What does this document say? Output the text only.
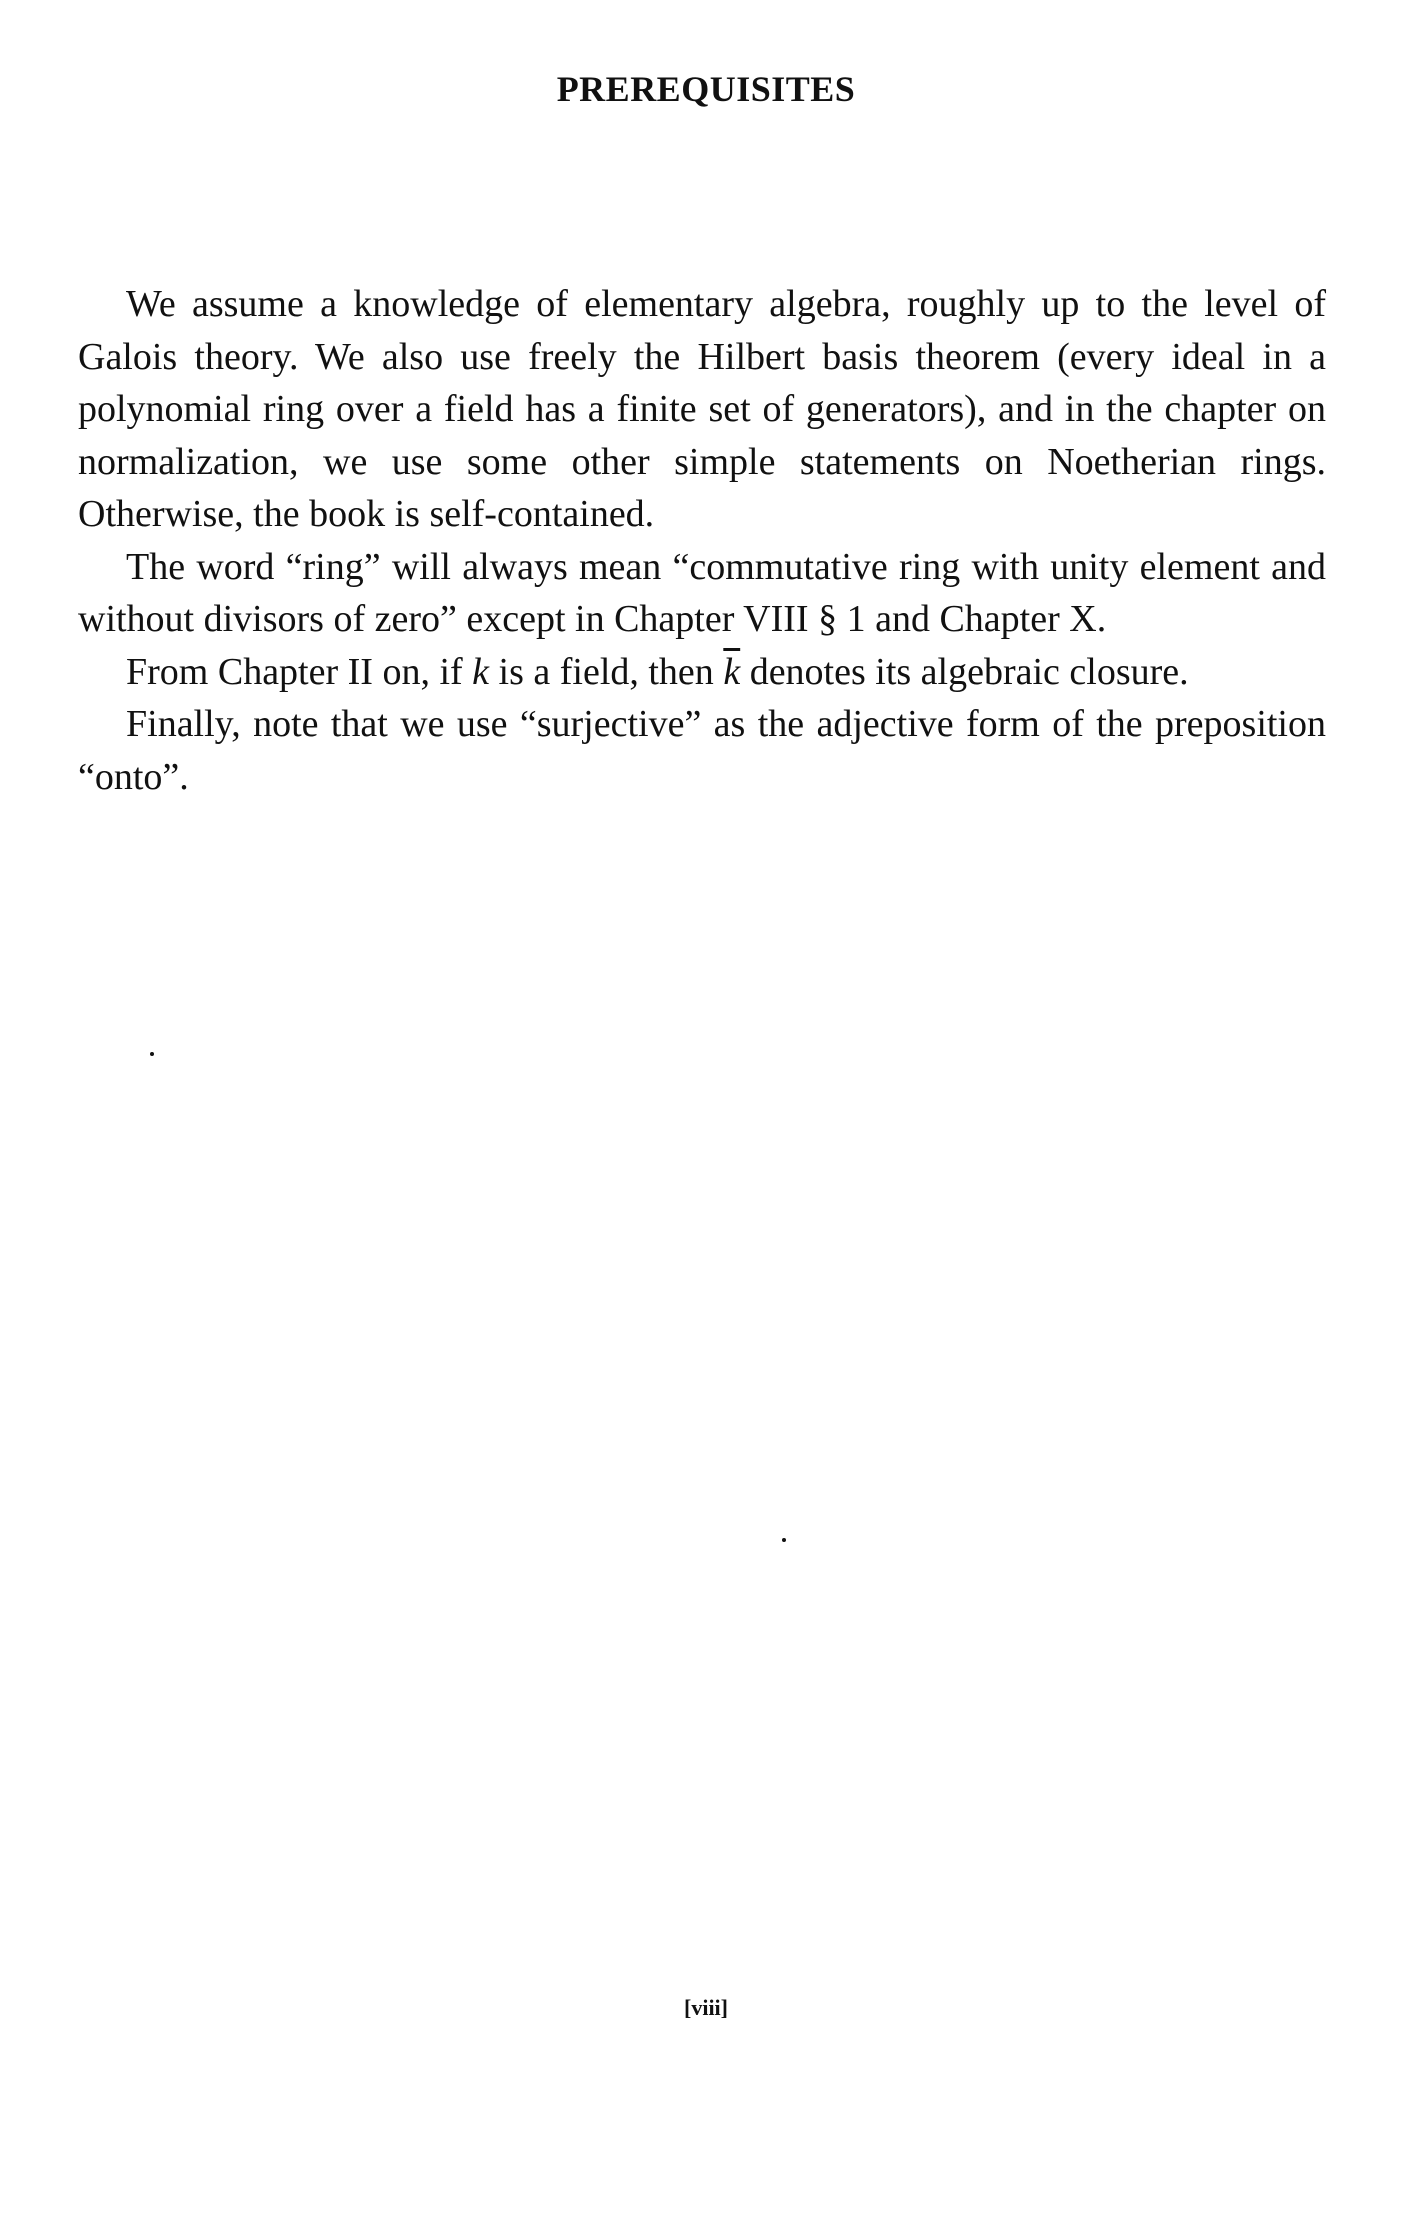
PREREQUISITES

We assume a knowledge of elementary algebra, roughly up to the level of Galois theory. We also use freely the Hilbert basis theorem (every ideal in a polynomial ring over a field has a finite set of generators), and in the chapter on normalization, we use some other simple statements on Noetherian rings. Otherwise, the book is self-contained.

The word “ring” will always mean “commutative ring with unity element and without divisors of zero” except in Chapter VIII § 1 and Chapter X.

From Chapter II on, if k is a field, then $\overline{k}$ denotes its algebraic closure.

Finally, note that we use “surjective” as the adjective form of the preposition “onto”.

[viii]
